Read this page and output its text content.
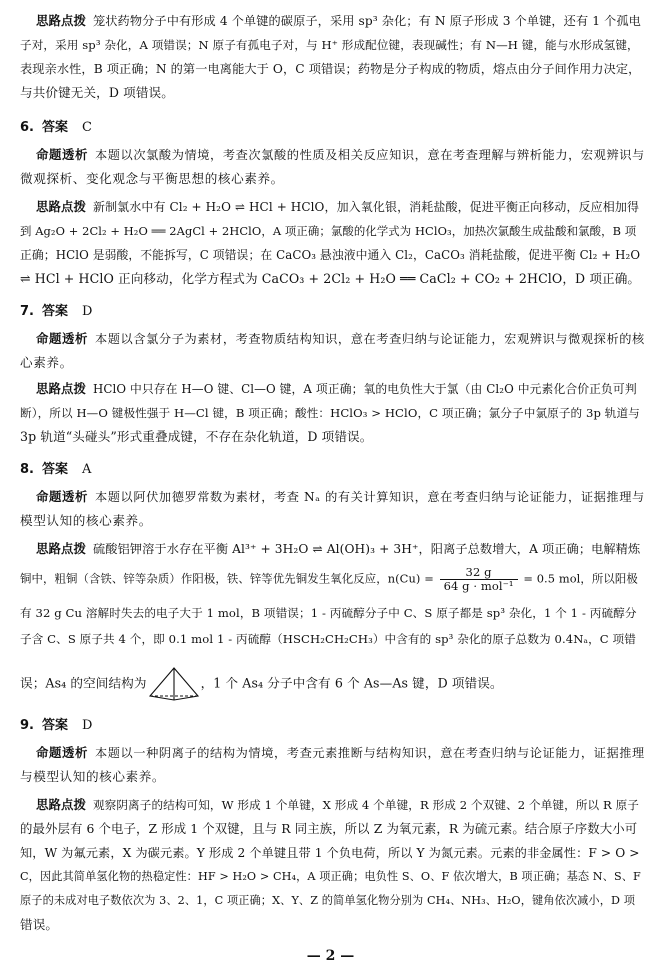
思路点拨 笼状药物分子中有形成 4 个单键的碳原子，采用 sp³ 杂化；有 N 原子形成 3 个单键，还有 1 个孤电
子对，采用 sp³ 杂化，A 项错误；N 原子有孤电子对，与 H⁺ 形成配位键，表现碱性；有 N—H 键，能与水形成氢键，
表现亲水性，B 项正确；N 的第一电离能大于 O，C 项错误；药物是分子构成的物质，熔点由分子间作用力决定，
与共价键无关，D 项错误。
6. 答案 C
命题透析 本题以次氯酸为情境，考查次氯酸的性质及相关反应知识，意在考查理解与辨析能力，宏观辨识与
微观探析、变化观念与平衡思想的核心素养。
思路点拨 新制氯水中有 Cl₂ + H₂O ⇌ HCl + HClO，加入氧化银，消耗盐酸，促进平衡正向移动，反应相加得
到 Ag₂O + 2Cl₂ + H₂O ══ 2AgCl + 2HClO，A 项正确；氯酸的化学式为 HClO₃，加热次氯酸生成盐酸和氯酸，B 项
正确；HClO 是弱酸，不能拆写，C 项错误；在 CaCO₃ 悬浊液中通入 Cl₂，CaCO₃ 消耗盐酸，促进平衡 Cl₂ + H₂O
⇌ HCl + HClO 正向移动，化学方程式为 CaCO₃ + 2Cl₂ + H₂O ══ CaCl₂ + CO₂ + 2HClO，D 项正确。
7. 答案 D
命题透析 本题以含氯分子为素材，考查物质结构知识，意在考查归纳与论证能力，宏观辨识与微观探析的核
心素养。
思路点拨 HClO 中只存在 H—O 键、Cl—O 键，A 项正确；氧的电负性大于氯（由 Cl₂O 中元素化合价正负可判
断），所以 H—O 键极性强于 H—Cl 键，B 项正确；酸性：HClO₃ > HClO，C 项正确；氯分子中氯原子的 3p 轨道与
3p 轨道“头碰头”形式重叠成键，不存在杂化轨道，D 项错误。
8. 答案 A
命题透析 本题以阿伏加德罗常数为素材，考查 Nₐ 的有关计算知识，意在考查归纳与论证能力，证据推理与
模型认知的核心素养。
思路点拨 硫酸铝钾溶于水存在平衡 Al³⁺ + 3H₂O ⇌ Al(OH)₃ + 3H⁺，阳离子总数增大，A 项正确；电解精炼
铜中，粗铜（含铁、锌等杂质）作阳极，铁、锌等优先铜发生氧化反应，$n(Cu) = \frac{32 g}{\text{64 g · mol⁻¹}} = 0.5$ mol，所以阳极
有 32 g Cu 溶解时失去的电子大于 1 mol，B 项错误；1 - 丙硫醇分子中 C、S 原子都是 sp³ 杂化，1 个 1 - 丙硫醇分
子含 C、S 原子共 4 个，即 0.1 mol 1 - 丙硫醇（HSCH₂CH₂CH₃）中含有的 sp³ 杂化的原子总数为 0.4Nₐ，C 项错
误；As₄ 的空间结构为	，1 个 As₄ 分子中含有 6 个 As—As 键，D 项错误。
9. 答案 D
命题透析 本题以一种阴离子的结构为情境，考查元素推断与结构知识，意在考查归纳与论证能力，证据推理
与模型认知的核心素养。
思路点拨 观察阴离子的结构可知，W 形成 1 个单键，X 形成 4 个单键，R 形成 2 个双键、2 个单键，所以 R 原子
的最外层有 6 个电子，Z 形成 1 个双键，且与 R 同主族，所以 Z 为氧元素，R 为硫元素。结合原子序数大小可
知，W 为氟元素，X 为碳元素。Y 形成 2 个单键且带 1 个负电荷，所以 Y 为氮元素。元素的非金属性：F > O >
C，因此其简单氢化物的热稳定性：HF > H₂O > CH₄，A 项正确；电负性 S、O、F 依次增大，B 项正确；基态 N、S、F
原子的未成对电子数依次为 3、2、1，C 项正确；X、Y、Z 的简单氢化物分别为 CH₄、NH₃、H₂O，键角依次减小，D 项
错误。
— 2 —
